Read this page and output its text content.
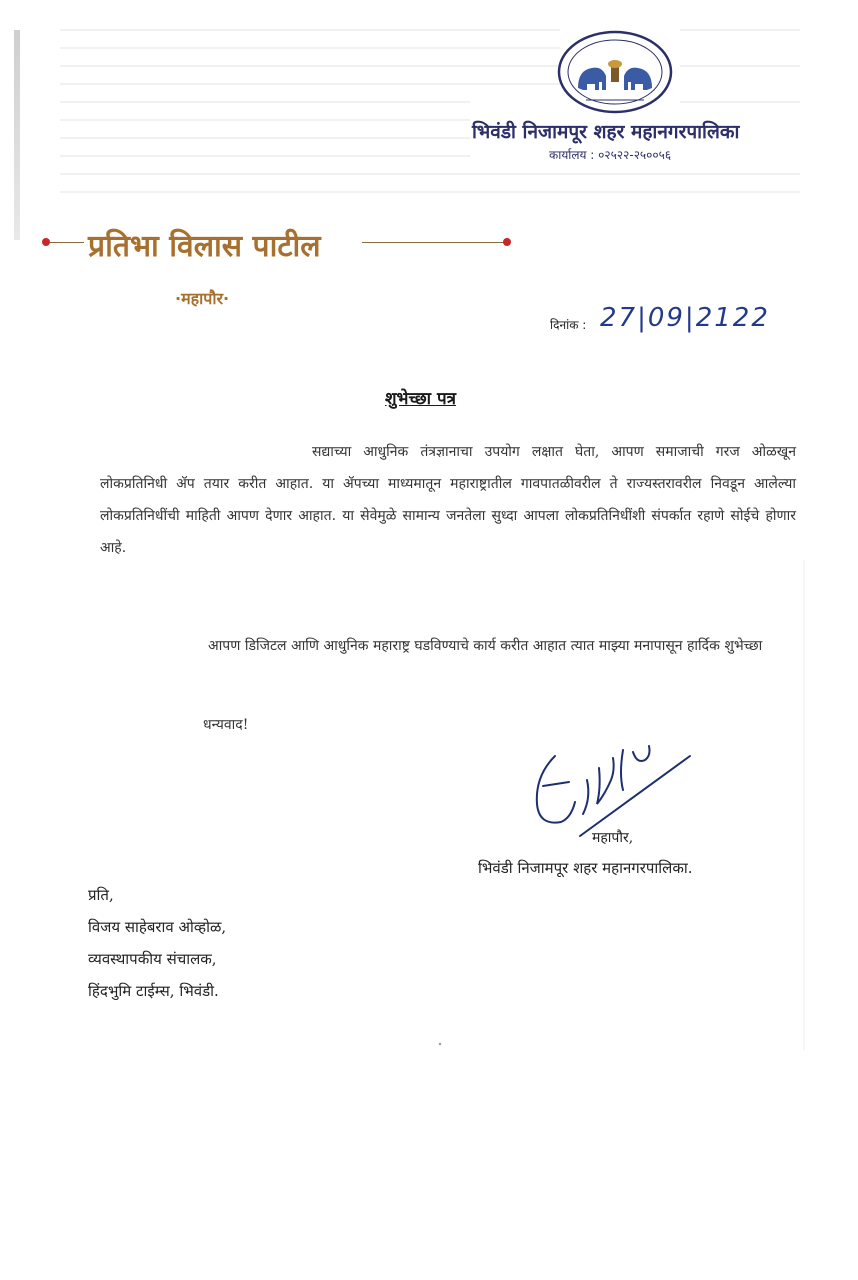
भिवंडी निजामपूर शहर महानगरपालिका
कार्यालय : ०२५२२-२५००५६
प्रतिभा विलास पाटील
·महापौर·
दिनांक : 27|09|2122
शुभेच्छा पत्र
सद्याच्या आधुनिक तंत्रज्ञानाचा उपयोग लक्षात घेता, आपण समाजाची गरज ओळखून लोकप्रतिनिधी ॲप तयार करीत आहात. या ॲपच्या माध्यमातून महाराष्ट्रातील गावपातळीवरील ते राज्यस्तरावरील निवडून आलेल्या लोकप्रतिनिधींची माहिती आपण देणार आहात. या सेवेमुळे सामान्य जनतेला सुध्दा आपला लोकप्रतिनिधींशी संपर्कात रहाणे सोईचे होणार आहे.
आपण डिजिटल आणि आधुनिक महाराष्ट्र घडविण्याचे कार्य करीत आहात त्यात माझ्या मनापासून हार्दिक शुभेच्छा
धन्यवाद!
महापौर,
भिवंडी निजामपूर शहर महानगरपालिका.
प्रति,
विजय साहेबराव ओव्होळ,
व्यवस्थापकीय संचालक,
हिंदभुमि टाईम्स, भिवंडी.
